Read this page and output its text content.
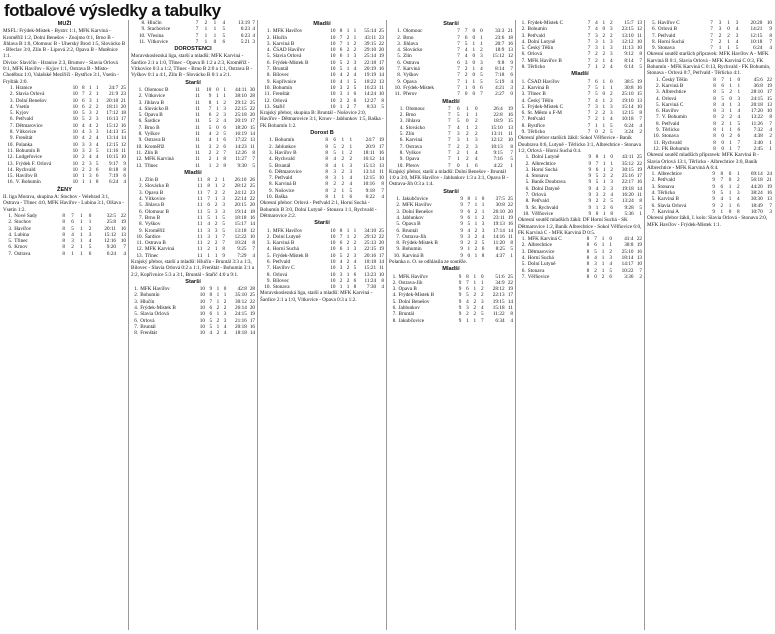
fotbalové výsledky a tabulky
MUŽI

MSFL: Frýdek-Místek - Bystrc 1:1, MFK Karviná - Kroměříž 1:2, Dolní Benešov - Znojmo 0:1, Brno B - Jihlava B 1:0, Olomouc B - Uherský Brod 1:5, Slovácko B - Břeclav 3:0, Zlín B - Lipová 2:2, Opava B - Mutěnice 1:1.

Divize: Slavičín - Hranice 2:3, Brumov - Slavia Orlová 0:1, MFK Havířov - Kyjov 1:1, Ostrava B - Místo-Chotěbuz 1:0, Valašské Meziříčí - Bystřice 3:1, Vsetín - Fryšták 2:0.

1.	Hranice	10	8	1	1	24:7	25
2.	Slavia Orlová	10	7	2	1	21:9	23
3.	Dolní Benešov	10	6	3	1	20:10	21
4.	Vsetín	10	6	2	2	18:11	20
5.	Kyjov	10	5	3	2	17:12	18
6.	Petřvald	10	5	2	3	16:13	17
7.	Dětmarovice	10	4	4	2	15:12	16
8.	Vítkovice	10	4	3	3	14:13	15
9.	Frenštát	10	4	2	4	13:14	14
10.	Polanka	10	3	3	4	12:15	12
11.	Bohumín B	10	3	2	5	11:16	11
12.	Ludgeřovice	10	2	4	4	10:15	10
13.	Frýdek F. Orlová	10	2	3	5	9:17	9
14.	Rychvald	10	2	2	6	8:18	8
15.	Havířov B	10	1	3	6	7:19	6
16.	V. Bohumín	10	1	1	8	6:24	4
ŽENY

II. liga Morava, skupina A: Stochov - Velehrad 3:1, Ostrava - Třinec 4:0, MFK Havířov - Lubina 3:1, Olšava - Vsetín 1:2.

1.	Nové Sady	8	7	1	0	32:5	22
2.	Stochov	8	6	1	1	25:8	19
3.	Havířov	8	5	1	2	20:11	16
4.	Lubina	8	4	1	3	15:12	13
5.	Třinec	8	3	1	4	12:16	10
6.	Krnov	8	2	1	5	9:20	7
7.	Ostrava	8	1	1	6	6:24	4
8.	Hlučín	7	2	1	4	13:19	7
9.	Stachovice	7	1	1	5	6:23	4
10.	Vřesina	7	1	1	5	6:23	4
11.	Vítkovice	7	1	0	6	5:21	3
DOROSTENCI

Moravskoslezská liga, starší a mladší: MFK Karviná - Šardice 2:1 a 1:0, Třinec - Opava B 1:2 a 2:3, Kroměříž - Vítkovice 0:3 a 1:2, Třinec - Brno B 2:0 a 1:1, Ostrava B - Vyškov 0:1 a 4:1, Zlín B - Slovácko B 0:1 a 2:1.

Starší
1.	Olomouc B	11	10	0	1	44:11	30
2.	Vítkovice	11	9	1	1	38:10	28
3.	Jihlava B	11	8	1	2	29:12	25
4.	Slovácko B	11	7	1	3	22:15	22
5.	Opava B	11	6	2	3	25:18	20
6.	Šardice	11	5	2	4	20:19	17
7.	Brno B	11	5	0	6	18:20	15
8.	Vyškov	11	4	2	5	16:19	14
9.	Ostrava B	11	4	1	6	17:22	13
10.	Kroměříž	11	3	2	6	14:23	11
11.	Zlín B	11	2	2	7	12:26	8
12.	MFK Karviná	11	2	1	8	11:27	7
13.	Třinec	11	1	2	8	9:30	5
Mladší
1.	Zlín B	11	8	2	1	26:10	26
2.	Slovácko B	11	8	1	2	28:12	25
3.	Opava B	11	7	2	2	24:12	23
4.	Vítkovice	11	7	1	3	22:14	22
5.	Jihlava B	11	6	2	3	20:15	20
6.	Olomouc B	11	5	3	3	19:14	18
7.	Brno B	11	5	1	5	18:18	16
8.	Vyškov	11	4	2	5	15:17	14
9.	Kroměříž	11	3	3	5	13:18	12
10.	Šardice	11	3	1	7	12:22	10
11.	Ostrava B	11	2	2	7	10:24	8
12.	MFK Karviná	11	2	1	8	9:25	7
13.	Třinec	11	1	1	9	7:29	4

Krajský přebor, starší a mladší: Hlučín - Bruntál 3:3 a 1:3, Bílovec - Slavia Orlová 0:2 a 1:1, Frenštát - Bohumín 3:1 a 2:2, Kopřivnice 5:3 a 3:1, Bruntál - Stařič 4:0 a 9:1.

Starší
1.	MFK Havířov	10	9	1	0	42:8	28
2.	Bohumín	10	8	1	1	35:10	25
3.	Hlučín	10	7	1	2	30:12	22
4.	Frýdek-Místek B	10	6	2	2	26:14	20
5.	Slavia Orlová	10	6	1	3	24:15	19
6.	Orlová	10	5	2	3	21:16	17
7.	Bruntál	10	5	1	4	20:18	16
8.	Frenštát	10	4	2	4	18:18	14
Mladší
1.	MFK Havířov	10	8	1	1	55:14	25
2.	Hlučín	10	7	2	1	43:11	23
3.	Karviná B	10	7	1	2	39:15	22
4.	ČSAD Havířov	10	6	2	2	29:10	20
5.	Slavia Orlová	10	6	1	3	25:14	19
6.	Frýdek-Místek B	10	5	2	3	22:18	17
7.	Bruntál	10	5	1	4	20:19	16
8.	Bílovec	10	4	2	4	19:19	14
9.	Kopřivnice	10	4	1	5	18:22	13
10.	Bohumín	10	3	2	5	16:23	11
11.	Frenštát	10	3	1	6	14:24	10
12.	Orlová	10	2	2	6	12:27	8
13.	Stařič	10	1	2	7	8:33	5

Krajský přebor, skupina B: Bruntál - Nošovice 2:0, Havířov - Dětmarovice 3:1, Krnov - Jablunkov 1:5, Baška - FK Bohumín 1:2.

Dorost B
1.	Bohumín	8	6	1	1	24:7	19
2.	Jablunkov	8	5	2	1	20:9	17
3.	Havířov B	8	5	1	2	18:11	16
4.	Rychvald	8	4	2	2	16:12	14
5.	Bruntál	8	4	1	3	15:13	13
6.	Dětmarovice	8	3	2	3	13:14	11
7.	Petřvald	8	3	1	4	12:15	10
8.	Karviná B	8	2	2	4	10:16	8
9.	Nošovice	8	2	1	5	9:18	7
10.	Baška	8	1	1	6	6:22	4

Okresní přebor: Orlová - Petřvald 2:1, Horní Suchá - Bohumín B 3:0, Dolní Lutyně - Stonava 1:1, Rychvald - Dětmarovice 2:2.

Starší
1.	MFK Havířov	10	8	1	1	34:10	25
2.	Dolní Lutyně	10	7	1	2	29:12	22
3.	Karviná B	10	6	2	2	25:13	20
4.	Horní Suchá	10	6	1	3	22:15	19
5.	Frýdek-Místek B	10	5	2	3	20:16	17
6.	Petřvald	10	4	2	4	18:18	14
7.	Havířov C	10	3	2	5	15:21	11
8.	Orlová	10	3	1	6	13:23	10
9.	Bílovec	10	2	2	6	11:24	8
10.	Stonava	10	1	1	8	7:30	4

Moravskoslezská liga, starší a mladší: MFK Karviná - Šardice 2:1 a 1:0, Vítkovice - Opava 0:3 a 1:2.

Starší
1.	Olomouc	7	7	0	0	33:3	21
2.	Brno	7	6	0	1	23:6	18
3.	Jihlava	7	5	1	1	20:7	16
4.	Slovácko	7	4	1	2	18:9	13
5.	Zlín	7	4	0	3	15:12	12
6.	Ostrava	6	3	0	3	9:8	9
7.	Karviná	7	2	1	4	8:14	7
8.	Vyškov	7	2	0	5	7:18	6
9.	Opava	7	1	1	5	5:19	4
10.	Frýdek-Místek	7	1	0	6	4:21	3
11.	Přerov	7	0	0	7	2:27	0
Mladší
1.	Olomouc	7	6	1	0	26:4	19
2.	Brno	7	5	1	1	22:8	16
3.	Jihlava	7	5	0	2	18:9	15
4.	Slovácko	7	4	1	2	15:10	13
5.	Zlín	7	3	2	2	13:11	11
6.	Karviná	7	3	1	3	12:12	10
7.	Ostrava	7	2	2	3	10:13	8
8.	Vyškov	7	2	1	4	9:15	7
9.	Opava	7	1	2	4	7:16	5
10.	Přerov	7	0	1	6	4:22	1

Krajský přebor, starší a mladší: Dolní Benešov - Bruntál 1:0 a 3:0, MFK Havířov - Jablunkov 1:3 a 3:1, Opava B - Ostrava-Jih 0:3 a 1:4.

Starší
1.	Jakubčovice	9	8	1	0	37:5	25
2.	MFK Havířov	9	7	1	1	30:8	22
3.	Dolní Benešov	9	6	2	1	26:10	20
4.	Jablunkov	9	6	1	2	23:11	19
5.	Opava B	9	5	1	3	19:13	16
6.	Bruntál	9	4	2	3	17:14	14
7.	Ostrava-Jih	9	3	2	4	14:16	11
8.	Frýdek-Místek B	9	2	2	5	11:20	8
9.	Bohumín	9	1	2	6	8:25	5
10.	Karviná B	9	0	1	8	4:37	1

Polanka n. O. se odhlásila ze soutěže.

Mladší
1.	MFK Havířov	9	8	1	0	51:6	25
2.	Ostrava-Jih	9	7	1	1	34:9	22
3.	Opava B	9	6	1	2	28:12	19
4.	Frýdek-Místek B	9	5	2	2	22:13	17
5.	Dolní Benešov	9	4	2	3	19:15	14
6.	Jablunkov	9	3	2	4	15:18	11
7.	Bruntál	9	2	2	5	11:22	8
8.	Jakubčovice	9	1	1	7	6:34	4
1.	Frýdek-Místek C	7	4	1	2	15:7	13
2.	Bohumín	7	4	0	3	23:15	12
3.	Petřvald	7	3	2	2	13:10	11
4.	Dolní Lutyně	7	3	1	3	12:12	10
5.	Český Těšín	7	3	1	3	11:13	10
6.	Orlová	7	2	2	3	9:12	8
7.	MFK Havířov B	7	2	1	4	8:14	7
8.	Těrlicko	7	1	2	4	6:14	5
Mladší
1.	ČSAD Havířov	7	6	1	0	38:5	19
2.	Karviná B	7	5	1	1	30:8	16
3.	Třinec B	7	5	0	2	25:10	15
4.	Český Těšín	7	4	1	2	19:10	13
5.	Frýdek-Místek C	7	3	1	3	15:14	10
6.	St. Město u F-M	7	2	2	3	12:15	8
7.	Petřvald	7	2	1	4	10:18	7
8.	Bystřice	7	1	1	5	6:24	4
9.	Těrlicko	7	0	2	5	3:24	2

Okresní přebor starších žáků: Sokol Věřňovice - Baník Doubrava 0:6, Lutyně - Těrlicko 3:1, Albrechtice - Stonava 1:2, Orlová - Horní Suchá 0:4.

1.	Dolní Lutyně	9	8	1	0	43:11	25
2.	Albrechtice	9	7	1	1	35:12	22
3.	Horní Suchá	9	6	1	2	30:15	19
4.	Stonava	9	5	2	2	25:16	17
5.	Baník Doubrava	9	5	1	3	22:17	16
6.	Dolní Datyně	9	4	2	3	19:18	14
7.	Orlová	9	3	2	4	16:20	11
8.	Petřvald	9	2	2	5	13:24	8
9.	St. Rychvald	9	1	2	6	9:28	5
10.	Věřňovice	9	0	1	8	5:36	1

Okresní soutěž mladších žáků: DF Horní Suchá - SK Dětmarovice 1:2, Baník Albrechtice - Sokol Věřňovice 6:0, FK Karviná C - MFK Karviná D 0:5.

1.	MFK Karviná C	8	7	1	0	41:4	22
2.	Albrechtice	8	6	1	1	30:8	19
3.	Dětmarovice	8	5	1	2	25:10	16
4.	Horní Suchá	8	4	1	3	18:14	13
5.	Dolní Lutyně	8	3	1	4	14:17	10
6.	Stonava	8	2	1	5	10:22	7
7.	Věřňovice	8	0	2	6	3:36	2
5.	Havířov C	7	3	1	3	20:20	10
6.	Orlová B	7	3	0	4	14:21	9
7.	Petřvald	7	2	2	3	12:15	8
8.	Horní Suchá	7	2	1	4	10:18	7
9.	Stonava	7	1	1	5	6:24	4

Okresní soutěž starších přípravek: MFK Havířov A - MFK Karviná B 0:1, Slavia Orlová - MFK Karviná C 0:3, FK Bohumín - MFK Karviná C 0:13, Rychvald - FK Bohumín, Stonava - Orlová 0:7, Petřvald - Těrlicko 4:1.

1.	Český Těšín	8	7	1	0	45:6	22
2.	Karviná B	8	6	1	1	36:8	19
3.	Albrechtice	8	5	2	1	28:10	17
4.	Orlová	8	5	0	3	24:15	15
5.	Karviná C	8	4	1	3	20:18	13
6.	Havířov	8	3	1	4	17:20	10
7.	V. Bohumín	8	2	2	4	13:22	8
8.	Petřvald	8	2	1	5	11:26	7
9.	Těrlicko	8	1	1	6	7:32	4
10.	Stonava	8	0	2	6	4:38	2
11.	Rychvald	8	0	1	7	3:40	1
12.	FK Bohumín	8	0	1	7	2:45	1

Okresní soutěž mladších přípravek: MFK Karviná B - Slavia Orlová 13:1, Těrlicko - Albrechtice 3:0, Baník Albrechtice - MFK Karviná A 6:4.

1.	Albrechtice	9	8	0	1	69:14	24
2.	Petřvald	9	7	0	2	56:18	21
3.	Stonava	9	6	1	2	44:20	19
4.	Těrlicko	9	5	1	3	38:24	16
5.	Karviná B	9	4	1	4	30:30	13
6.	Slavia Orlová	9	2	1	6	18:49	7
7.	Karviná A	9	1	0	8	10:70	3

Okresní přebor žáků, I. kolo: Slavia Orlová - Stonava 2:0, MFK Havířov - Frýdek-Místek 1:1.
